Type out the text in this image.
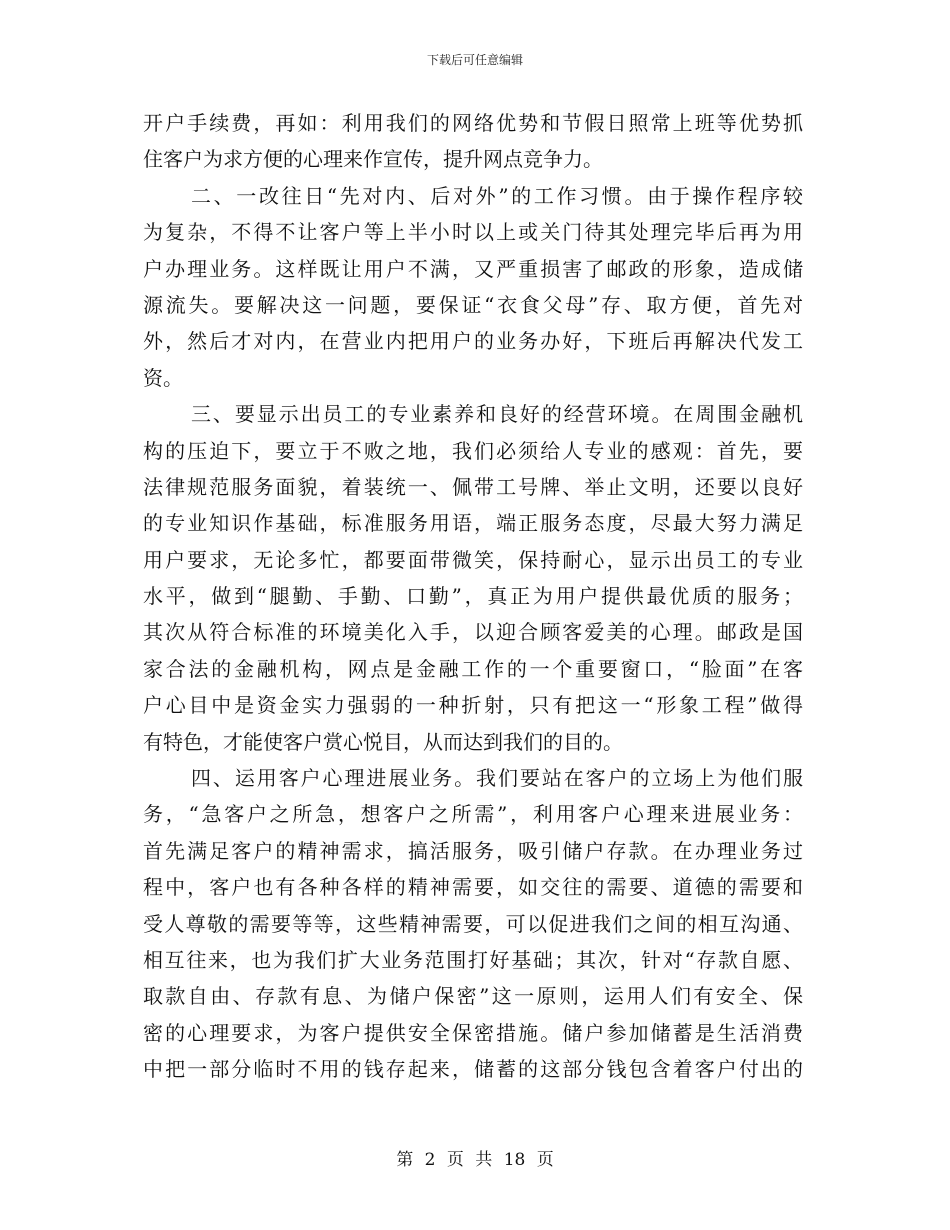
下载后可任意编辑
开户手续费，再如：利用我们的网络优势和节假日照常上班等优势抓
住客户为求方便的心理来作宣传，提升网点竞争力。
二、一改往日“先对内、后对外”的工作习惯。由于操作程序较
为复杂，不得不让客户等上半小时以上或关门待其处理完毕后再为用
户办理业务。这样既让用户不满，又严重损害了邮政的形象，造成储
源流失。要解决这一问题，要保证“衣食父母”存、取方便，首先对
外，然后才对内，在营业内把用户的业务办好，下班后再解决代发工
资。
三、要显示出员工的专业素养和良好的经营环境。在周围金融机
构的压迫下，要立于不败之地，我们必须给人专业的感观：首先，要
法律规范服务面貌，着装统一、佩带工号牌、举止文明，还要以良好
的专业知识作基础，标准服务用语，端正服务态度，尽最大努力满足
用户要求，无论多忙，都要面带微笑，保持耐心，显示出员工的专业
水平，做到“腿勤、手勤、口勤”，真正为用户提供最优质的服务；
其次从符合标准的环境美化入手，以迎合顾客爱美的心理。邮政是国
家合法的金融机构，网点是金融工作的一个重要窗口，“脸面”在客
户心目中是资金实力强弱的一种折射，只有把这一“形象工程”做得
有特色，才能使客户赏心悦目，从而达到我们的目的。
四、运用客户心理进展业务。我们要站在客户的立场上为他们服
务，“急客户之所急，想客户之所需”，利用客户心理来进展业务：
首先满足客户的精神需求，搞活服务，吸引储户存款。在办理业务过
程中，客户也有各种各样的精神需要，如交往的需要、道德的需要和
受人尊敬的需要等等，这些精神需要，可以促进我们之间的相互沟通、
相互往来，也为我们扩大业务范围打好基础；其次，针对“存款自愿、
取款自由、存款有息、为储户保密”这一原则，运用人们有安全、保
密的心理要求，为客户提供安全保密措施。储户参加储蓄是生活消费
中把一部分临时不用的钱存起来，储蓄的这部分钱包含着客户付出的
第 2 页 共 18 页
